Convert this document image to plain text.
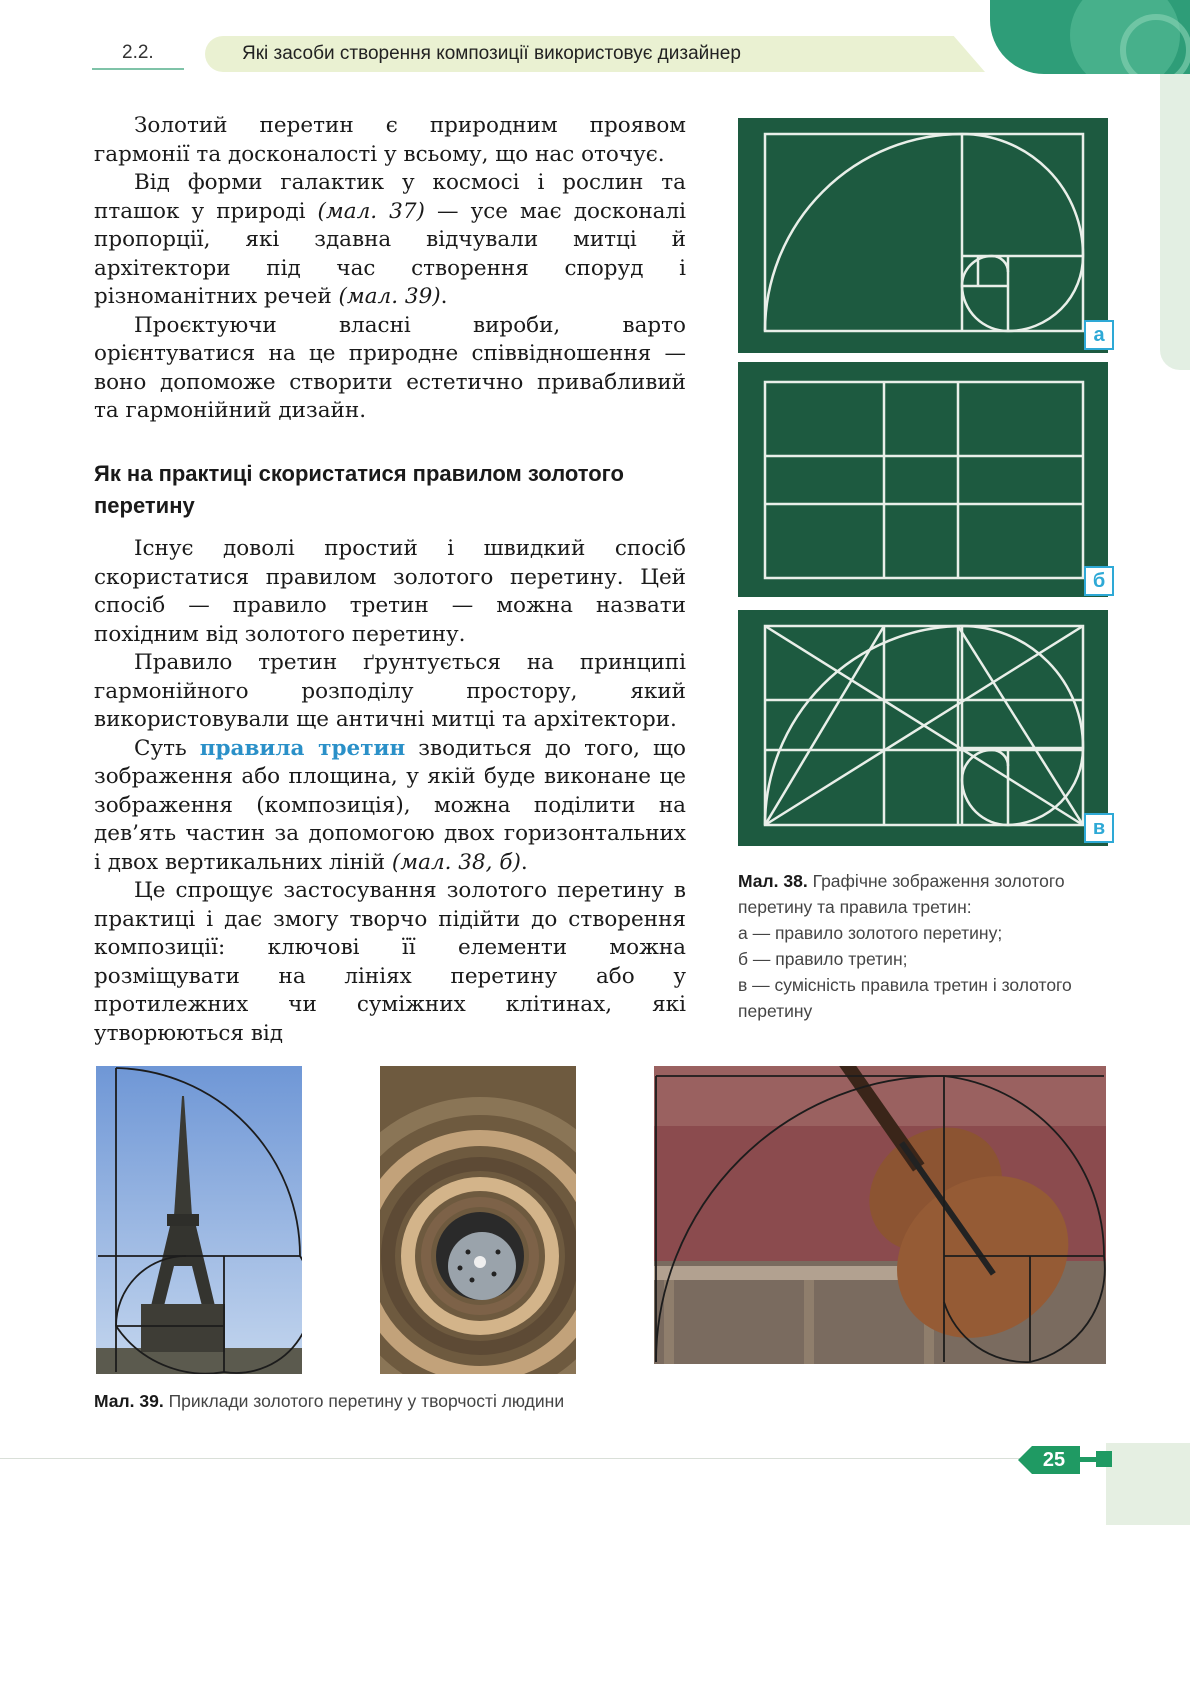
2.2.	Які засоби створення композиції використовує дизайнер

Золотий перетин є природним проявом гармонії та досконалості у всьому, що нас оточує.

Від форми галактик у космосі і рослин та пташок у природі (мал. 37) — усе має досконалі пропорції, які здавна відчували митці й архітектори під час створення споруд і різноманітних речей (мал. 39).

Проєктуючи власні вироби, варто орієнтуватися на це природне співвідношення — воно допоможе створити естетично привабливий та гармонійний дизайн.

Як на практиці скористатися правилом золотого перетину

Існує доволі простий і швидкий спосіб скористатися правилом золотого перетину. Цей спосіб — правило третин — можна назвати похідним від золотого перетину.

Правило третин ґрунтується на принципі гармонійного розподілу простору, який використовували ще античні митці та архітектори.

Суть правила третин зводиться до того, що зображення або площина, у якій буде виконане це зображення (композиція), можна поділити на дев’ять частин за допомогою двох горизонтальних і двох вертикальних ліній (мал. 38, б).

Це спрощує застосування золотого перетину в практиці і дає змогу творчо підійти до створення композиції: ключові її елементи можна розміщувати на лініях перетину або у протилежних чи суміжних клітинах, які утворюються від

а
б
в
Мал. 38. Графічне зображення золотого перетину та правила третин:
а — правило золотого перетину;
б — правило третин;
в — сумісність правила третин і золотого перетину
Мал. 39. Приклади золотого перетину у творчості людини
25
